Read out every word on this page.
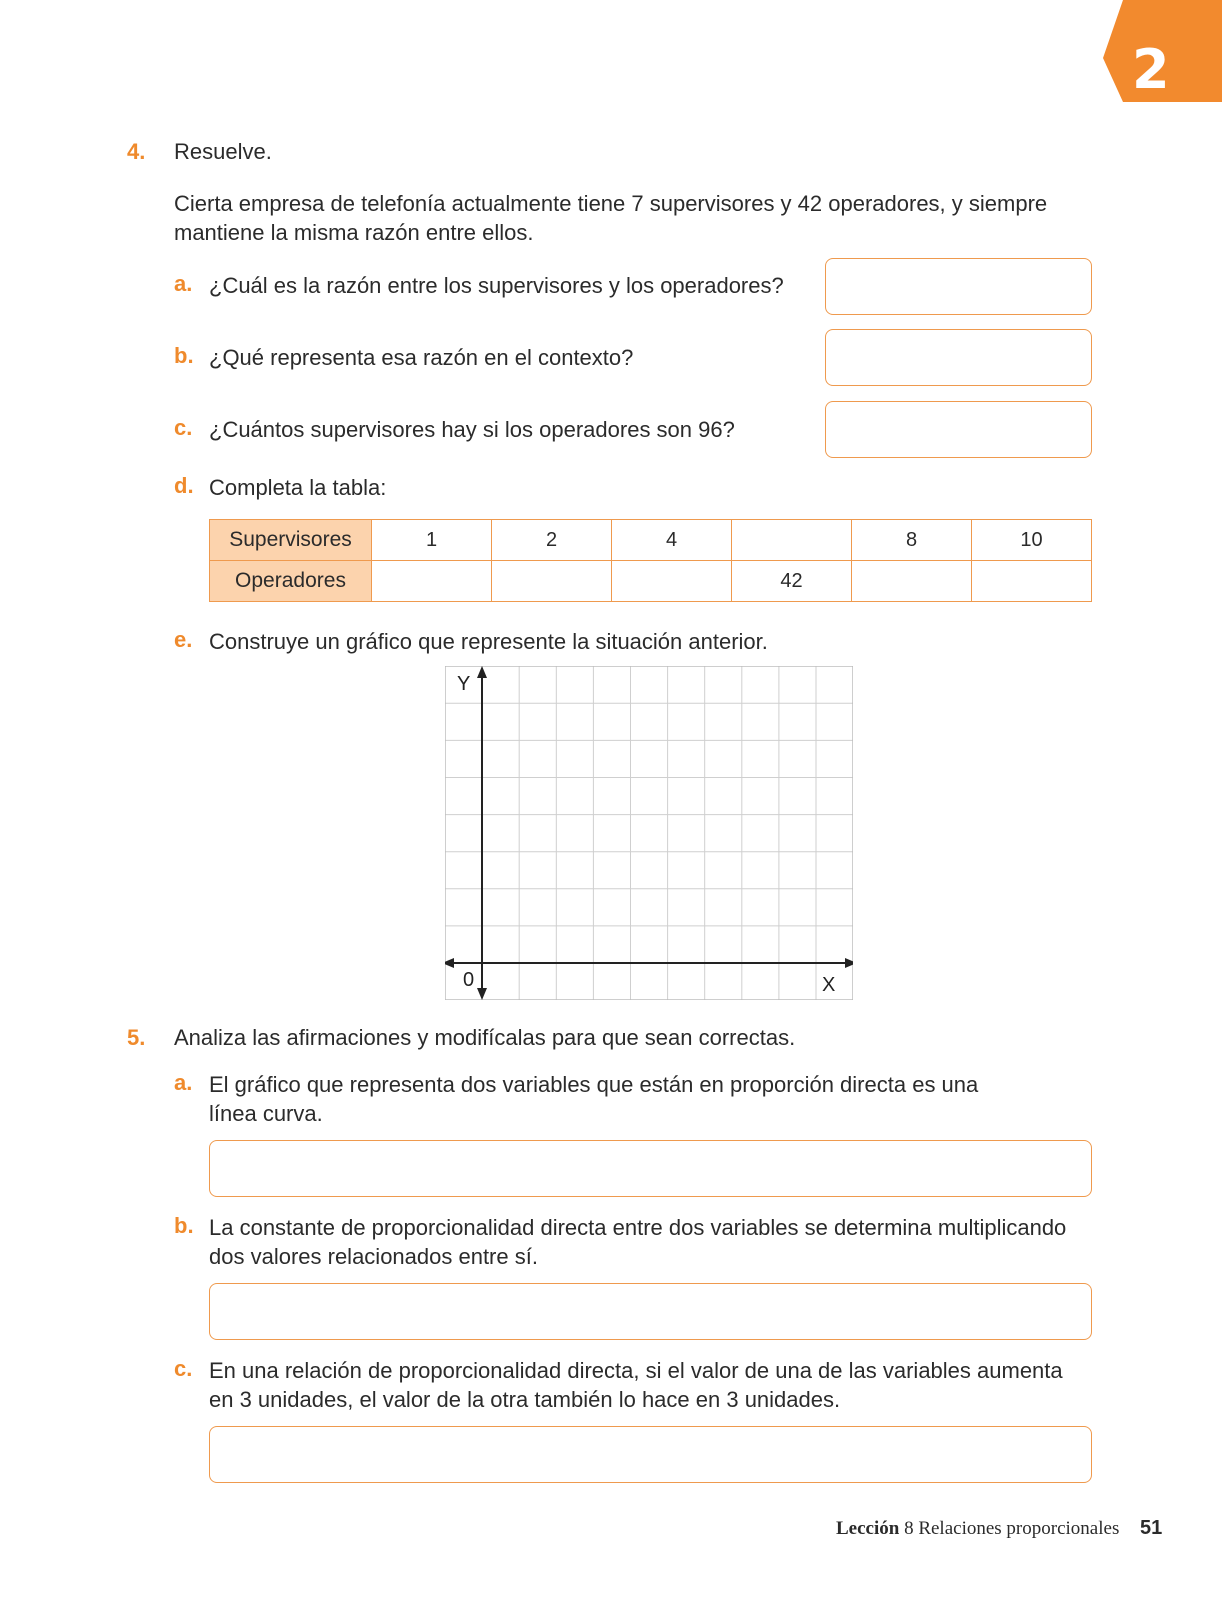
2
4. Resuelve.
Cierta empresa de telefonía actualmente tiene 7 supervisores y 42 operadores, y siempre
mantiene la misma razón entre ellos.
a. ¿Cuál es la razón entre los supervisores y los operadores?
b. ¿Qué representa esa razón en el contexto?
c. ¿Cuántos supervisores hay si los operadores son 96?
d. Completa la tabla:
Supervisores	1	2	4		8	10
Operadores				42		
e. Construye un gráfico que represente la situación anterior.
Y
X
0
5. Analiza las afirmaciones y modifícalas para que sean correctas.
a. El gráfico que representa dos variables que están en proporción directa es una
línea curva.
b. La constante de proporcionalidad directa entre dos variables se determina multiplicando
dos valores relacionados entre sí.
c. En una relación de proporcionalidad directa, si el valor de una de las variables aumenta
en 3 unidades, el valor de la otra también lo hace en 3 unidades.
Lección 8 Relaciones proporcionales 51
